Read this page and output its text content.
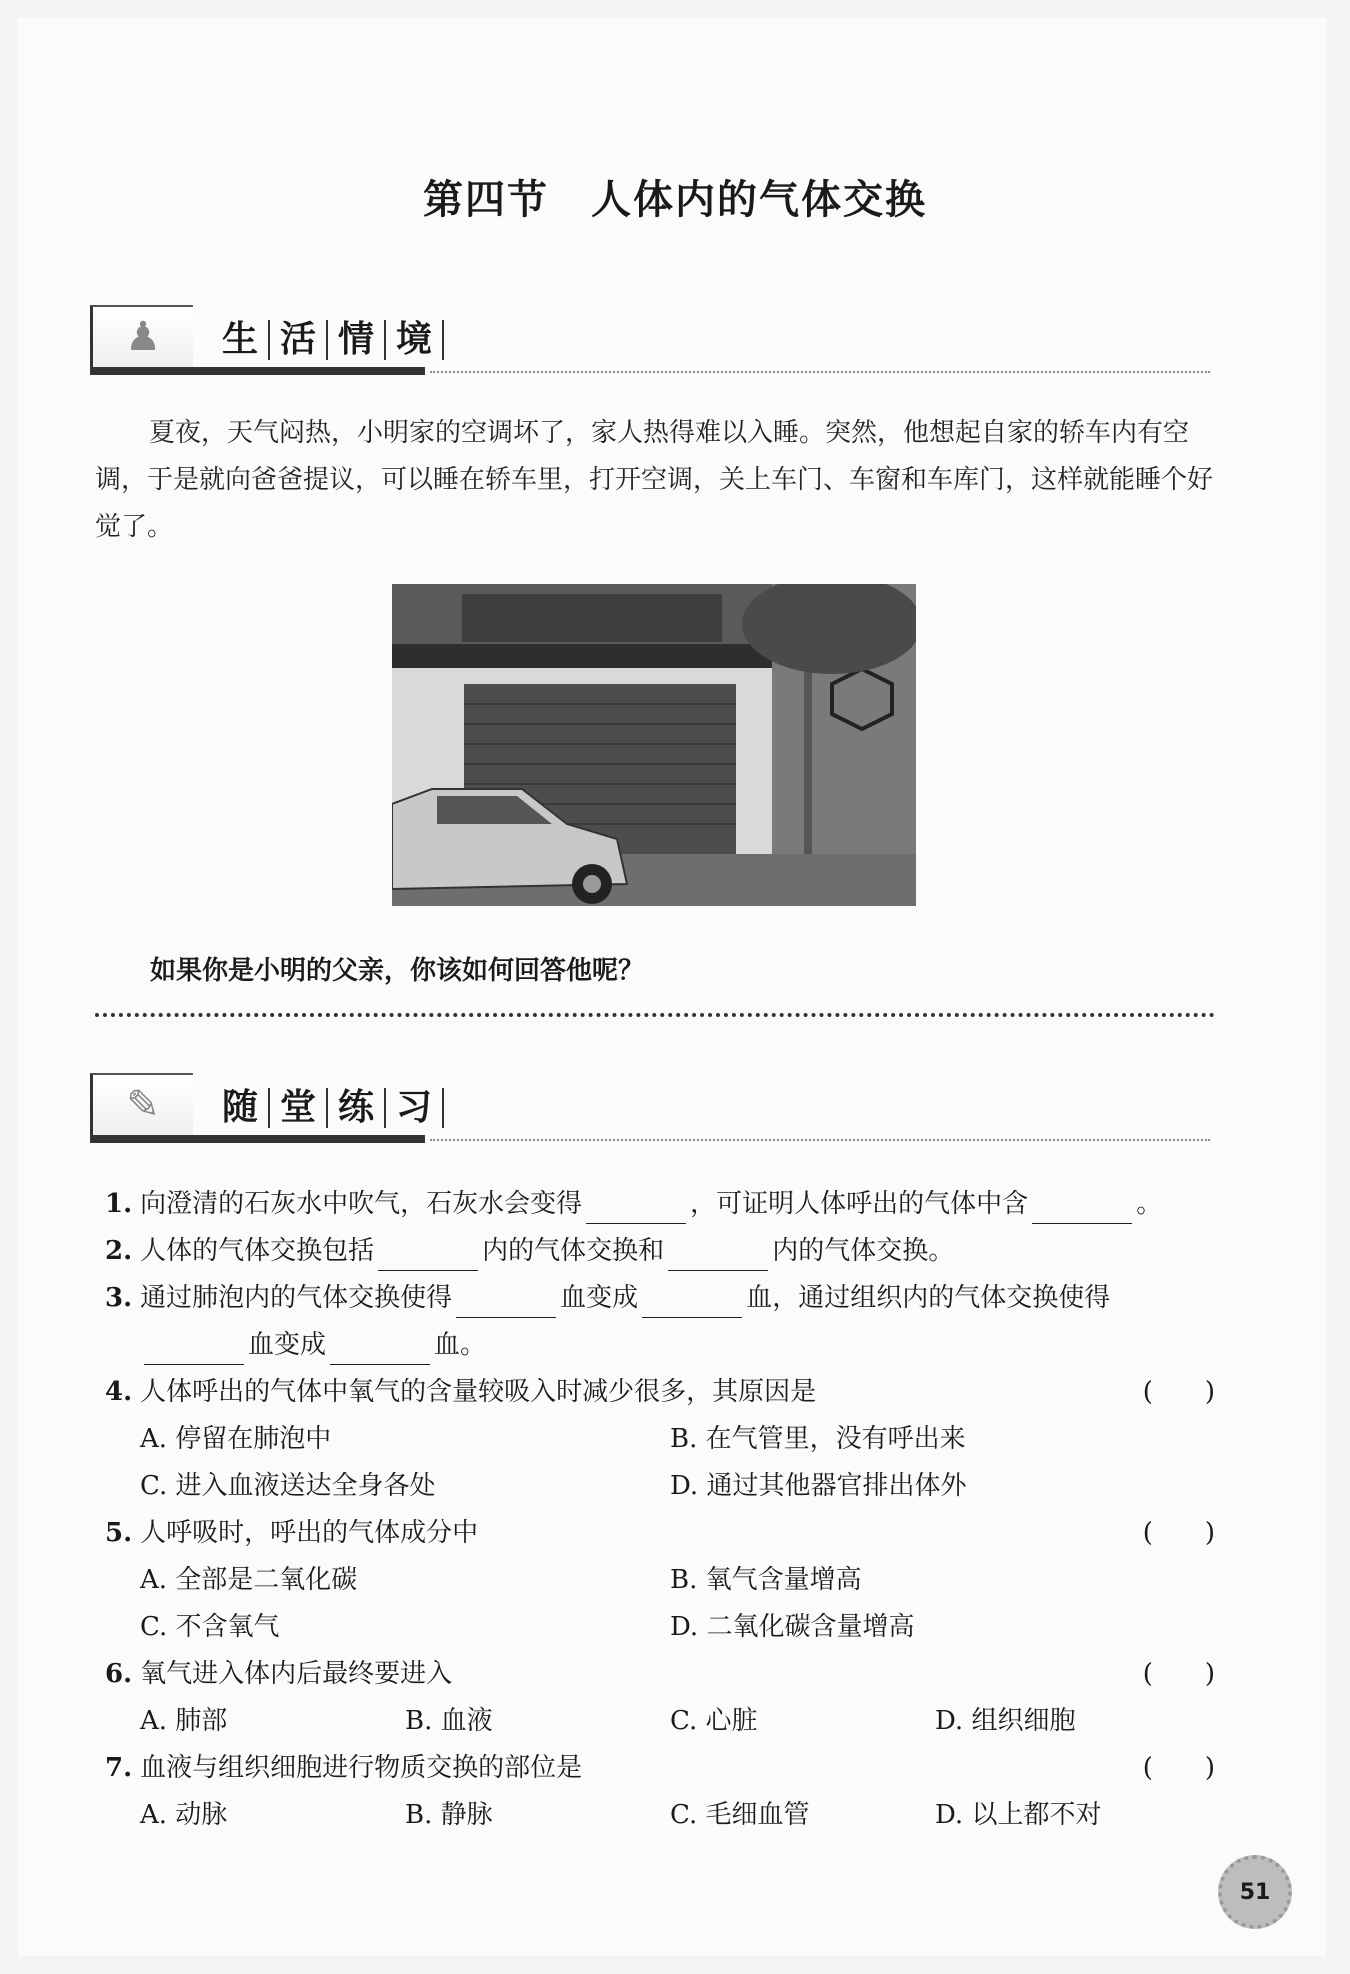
第四节　人体内的气体交换
♟	生 活 情 境
夏夜，天气闷热，小明家的空调坏了，家人热得难以入睡。突然，他想起自家的轿车内有空调，于是就向爸爸提议，可以睡在轿车里，打开空调，关上车门、车窗和车库门，这样就能睡个好觉了。
如果你是小明的父亲，你该如何回答他呢？
✎	随 堂 练 习
1. 向澄清的石灰水中吹气，石灰水会变得	，可证明人体呼出的气体中含	。
2. 人体的气体交换包括	内的气体交换和	内的气体交换。
3. 通过肺泡内的气体交换使得	血变成	血，通过组织内的气体交换使得
血变成	血。
4. 人体呼出的气体中氧气的含量较吸入时减少很多，其原因是	(　　)
A. 停留在肺泡中	B. 在气管里，没有呼出来
C. 进入血液送达全身各处	D. 通过其他器官排出体外
5. 人呼吸时，呼出的气体成分中	(　　)
A. 全部是二氧化碳	B. 氧气含量增高
C. 不含氧气	D. 二氧化碳含量增高
6. 氧气进入体内后最终要进入	(　　)
A. 肺部	B. 血液	C. 心脏	D. 组织细胞
7. 血液与组织细胞进行物质交换的部位是	(　　)
A. 动脉	B. 静脉	C. 毛细血管	D. 以上都不对
51
